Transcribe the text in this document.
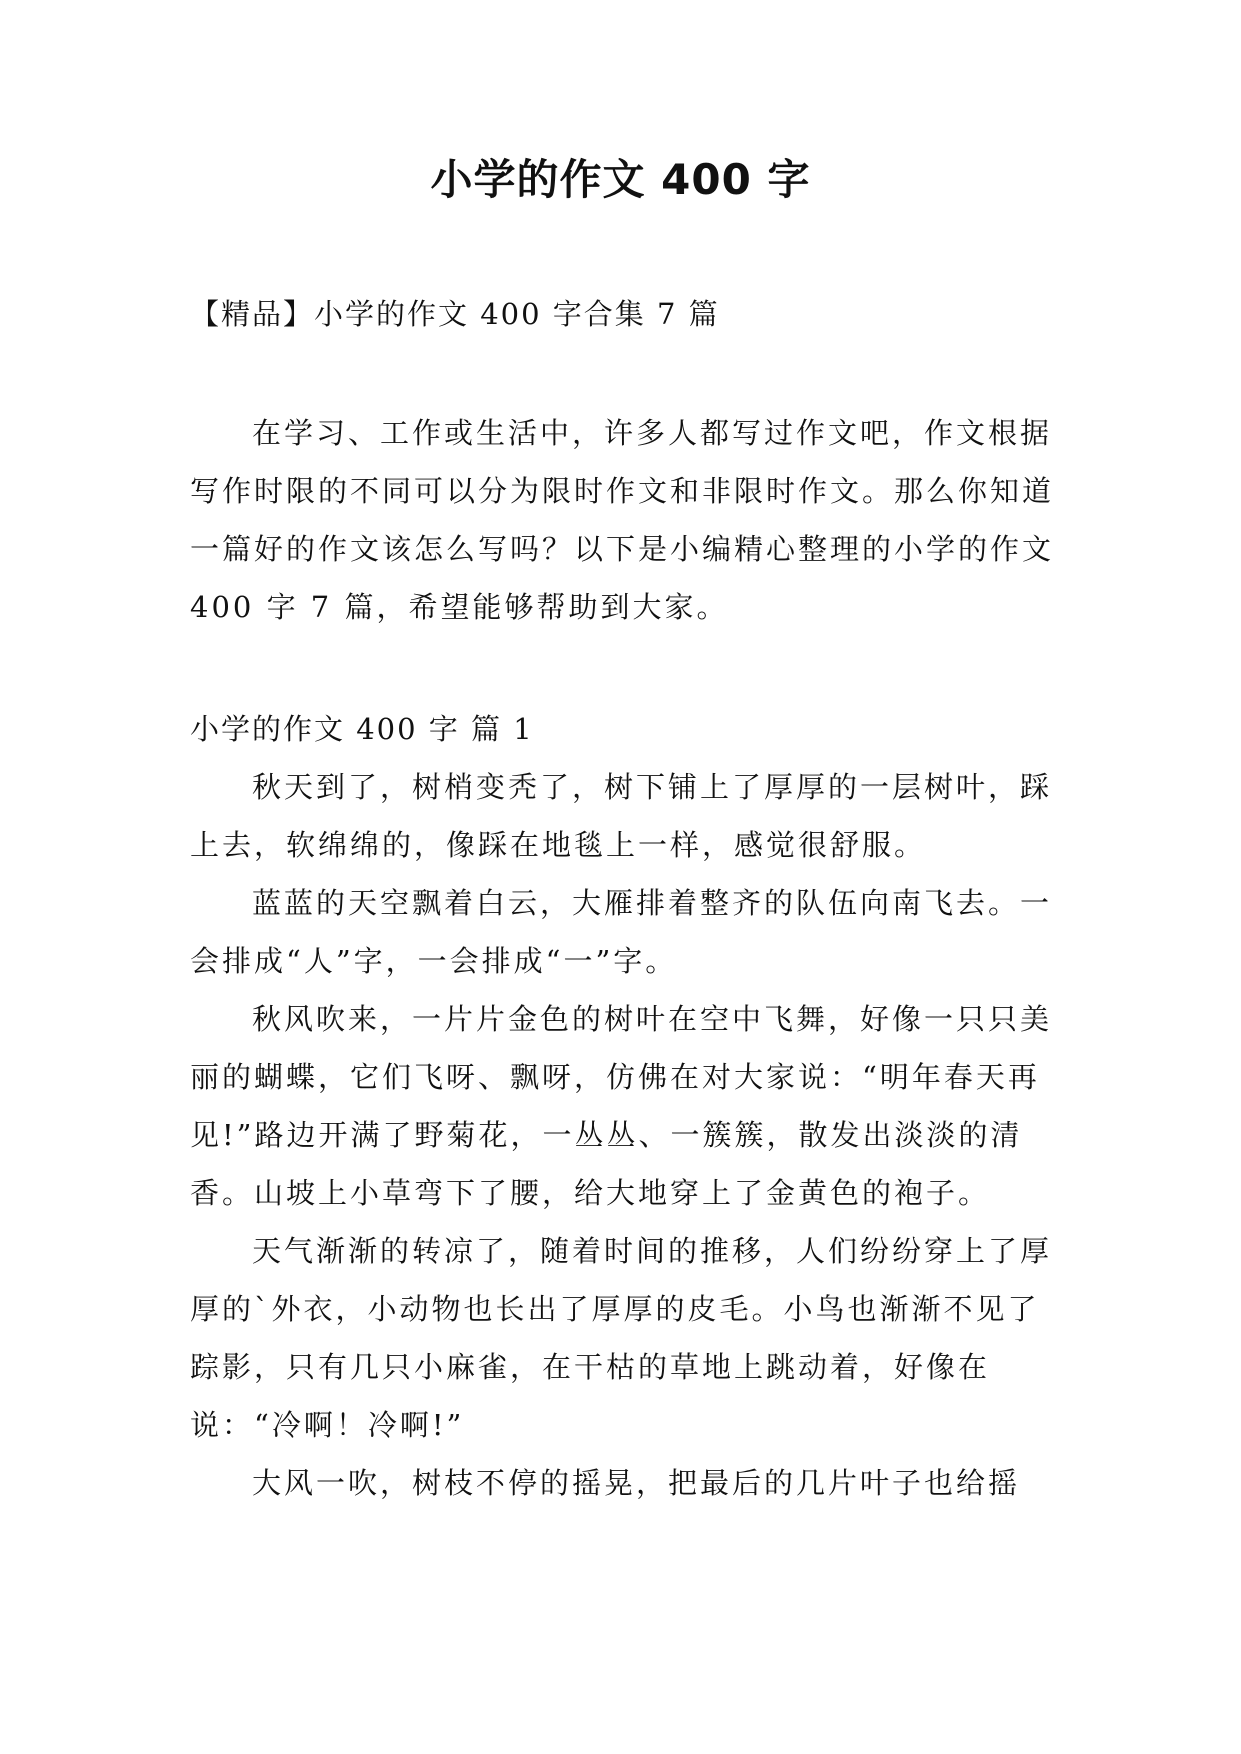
小学的作文 400 字

【精品】小学的作文 400 字合集 7 篇

在学习、工作或生活中，许多人都写过作文吧，作文根据写作时限的不同可以分为限时作文和非限时作文。那么你知道一篇好的作文该怎么写吗？以下是小编精心整理的小学的作文 400 字 7 篇，希望能够帮助到大家。

小学的作文 400 字 篇 1

秋天到了，树梢变秃了，树下铺上了厚厚的一层树叶，踩上去，软绵绵的，像踩在地毯上一样，感觉很舒服。

蓝蓝的天空飘着白云，大雁排着整齐的队伍向南飞去。一会排成“人”字，一会排成“一”字。

秋风吹来，一片片金色的树叶在空中飞舞，好像一只只美丽的蝴蝶，它们飞呀、飘呀，仿佛在对大家说：“明年春天再见!”路边开满了野菊花，一丛丛、一簇簇，散发出淡淡的清香。山坡上小草弯下了腰，给大地穿上了金黄色的袍子。

天气渐渐的转凉了，随着时间的推移，人们纷纷穿上了厚厚的`外衣，小动物也长出了厚厚的皮毛。小鸟也渐渐不见了踪影，只有几只小麻雀，在干枯的草地上跳动着，好像在说：“冷啊！冷啊!”

大风一吹，树枝不停的摇晃，把最后的几片叶子也给摇
